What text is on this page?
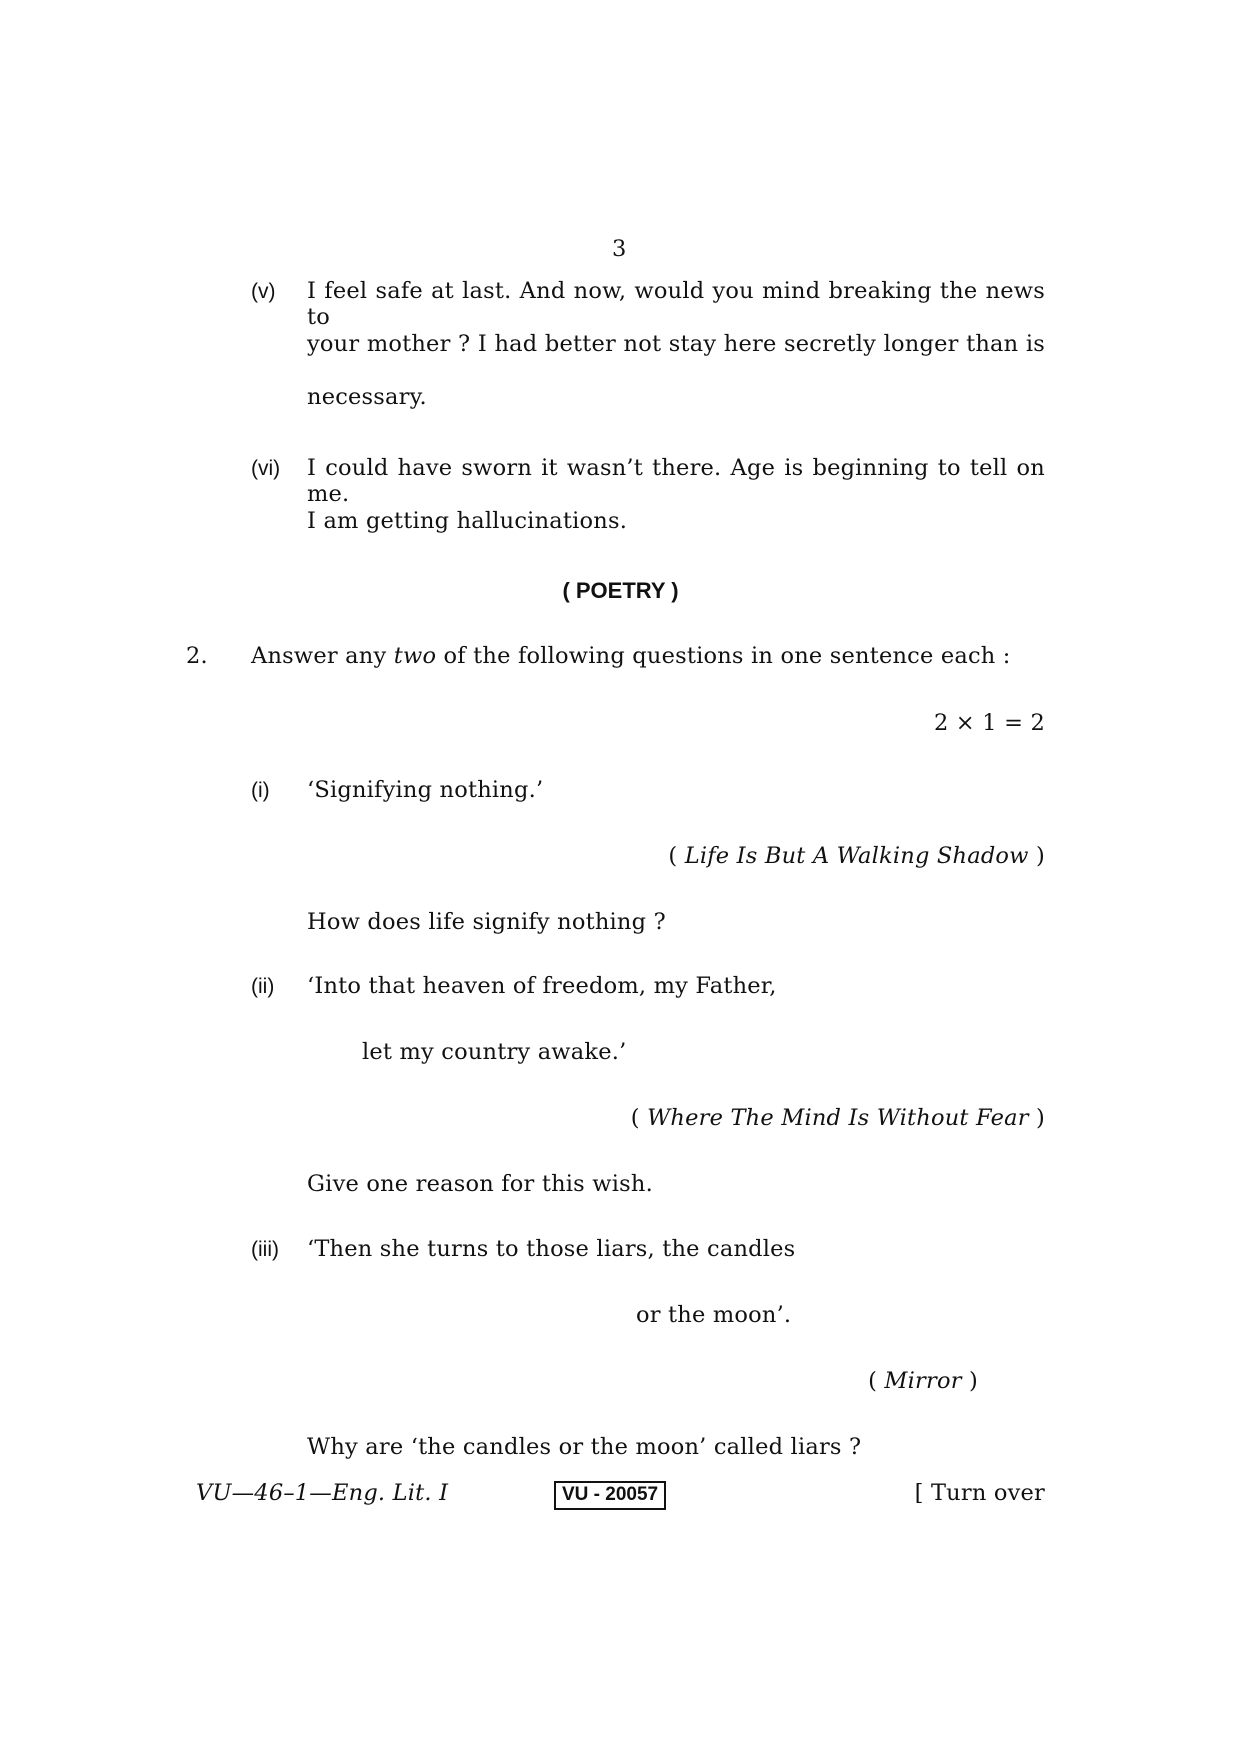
3
(v) I feel safe at last. And now, would you mind breaking the news to
your mother ? I had better not stay here secretly longer than is
necessary.
(vi) I could have sworn it wasn’t there. Age is beginning to tell on me.
I am getting hallucinations.
( POETRY )
2. Answer any two of the following questions in one sentence each :
2 × 1 = 2
(i) ‘Signifying nothing.’
( Life Is But A Walking Shadow )
How does life signify nothing ?
(ii) ‘Into that heaven of freedom, my Father,
let my country awake.’
( Where The Mind Is Without Fear )
Give one reason for this wish.
(iii) ‘Then she turns to those liars, the candles
or the moon’.
( Mirror )
Why are ‘the candles or the moon’ called liars ?
VU—46–1—Eng. Lit. I	VU - 20057	[ Turn over
